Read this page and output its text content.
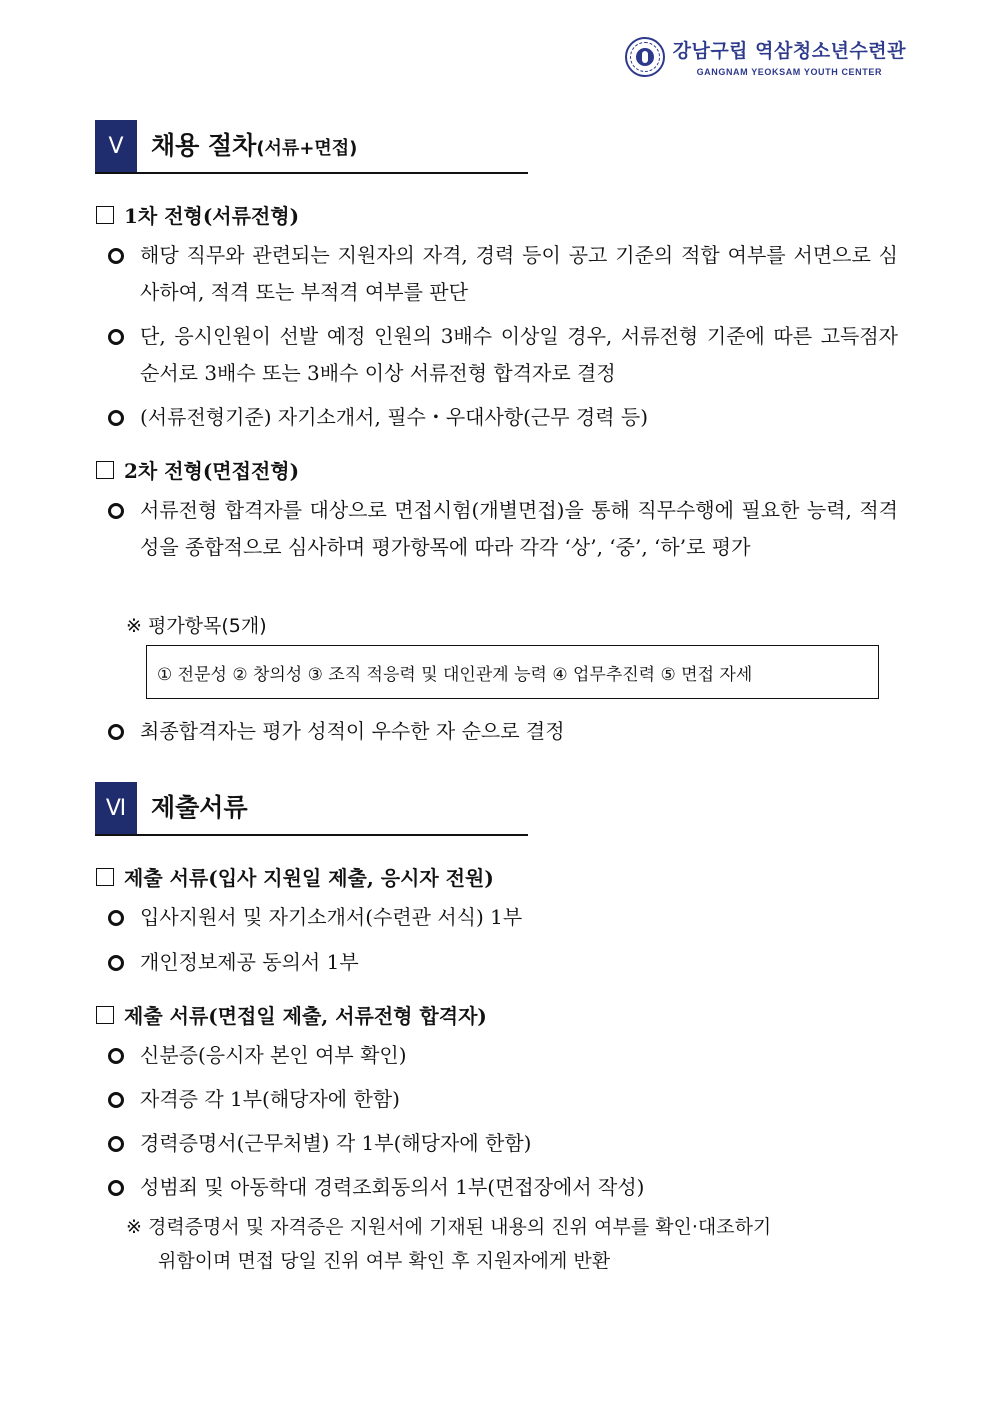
강남구립 역삼청소년수련관
GANGNAM YEOKSAM YOUTH CENTER
Ⅴ	채용 절차(서류+면접)
1차 전형(서류전형)
해당 직무와 관련되는 지원자의 자격, 경력 등이 공고 기준의 적합 여부를 서면으로 심사하여, 적격 또는 부적격 여부를 판단
단, 응시인원이 선발 예정 인원의 3배수 이상일 경우, 서류전형 기준에 따른 고득점자 순서로 3배수 또는 3배수 이상 서류전형 합격자로 결정
(서류전형기준) 자기소개서, 필수・우대사항(근무 경력 등)
2차 전형(면접전형)
서류전형 합격자를 대상으로 면접시험(개별면접)을 통해 직무수행에 필요한 능력, 적격성을 종합적으로 심사하며 평가항목에 따라 각각 ‘상’, ‘중’, ‘하’로 평가
※ 평가항목(5개)
① 전문성 ② 창의성 ③ 조직 적응력 및 대인관계 능력 ④ 업무추진력 ⑤ 면접 자세
최종합격자는 평가 성적이 우수한 자 순으로 결정
Ⅵ 제출서류
제출 서류(입사 지원일 제출, 응시자 전원)
입사지원서 및 자기소개서(수련관 서식) 1부
개인정보제공 동의서 1부
제출 서류(면접일 제출, 서류전형 합격자)
신분증(응시자 본인 여부 확인)
자격증 각 1부(해당자에 한함)
경력증명서(근무처별) 각 1부(해당자에 한함)
성범죄 및 아동학대 경력조회동의서 1부(면접장에서 작성)
※ 경력증명서 및 자격증은 지원서에 기재된 내용의 진위 여부를 확인·대조하기
위함이며 면접 당일 진위 여부 확인 후 지원자에게 반환
